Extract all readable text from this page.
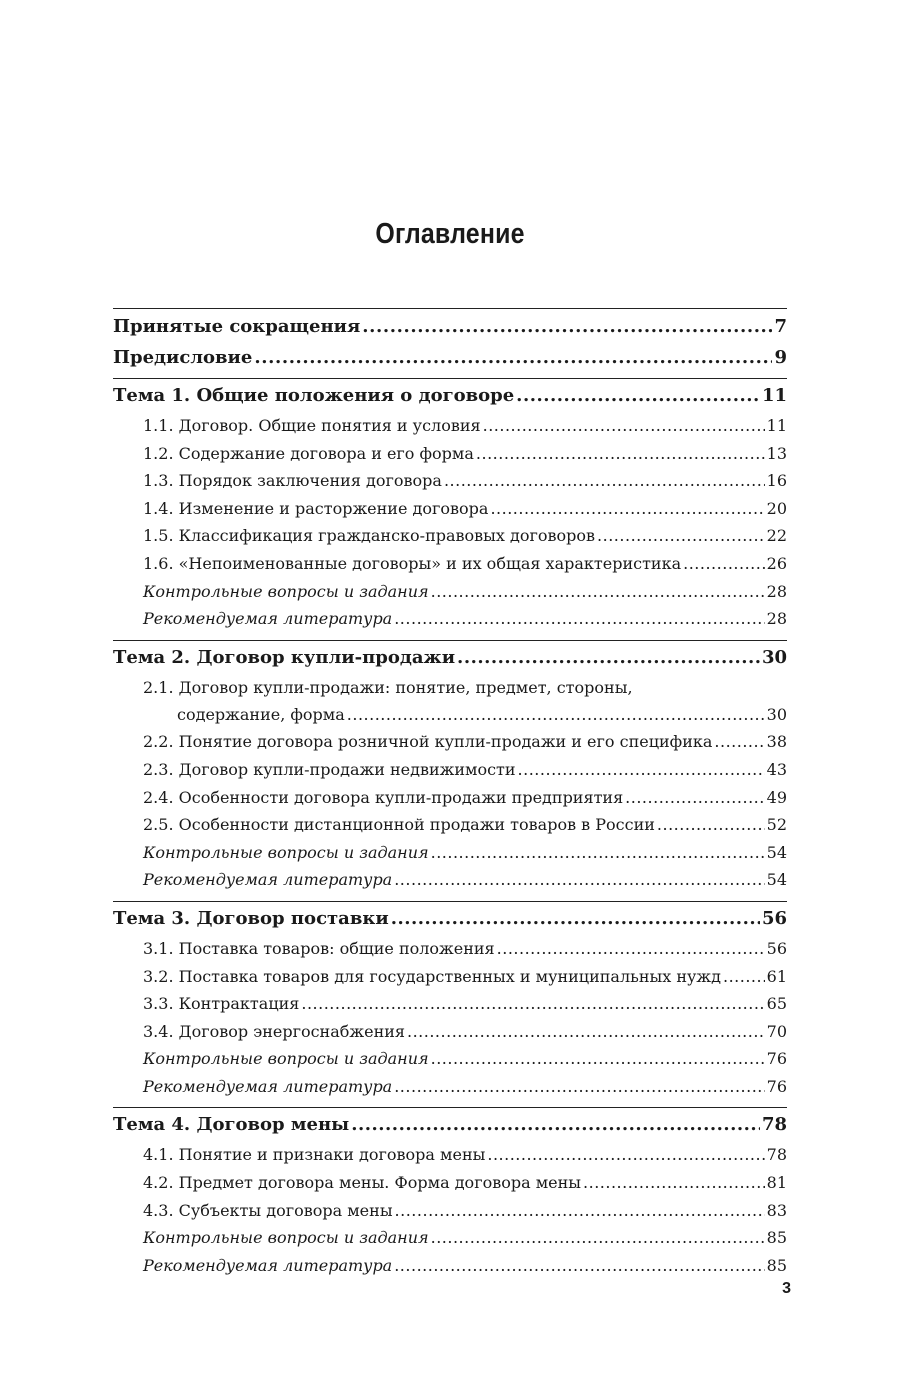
Оглавление
Принятые сокращения .....	7
Предисловие .....	9
Тема 1. Общие положения о договоре .....	11
1.1. Договор. Общие понятия и условия .....	11
1.2. Содержание договора и его форма .....	13
1.3. Порядок заключения договора .....	16
1.4. Изменение и расторжение договора .....	20
1.5. Классификация гражданско-правовых договоров .....	22
1.6. «Непоименованные договоры» и их общая характеристика .....	26
Контрольные вопросы и задания .....	28
Рекомендуемая литература .....	28
Тема 2. Договор купли-продажи .....	30
2.1. Договор купли-продажи: понятие, предмет, стороны,
содержание, форма .....	30
2.2. Понятие договора розничной купли-продажи и его специфика .....	38
2.3. Договор купли-продажи недвижимости .....	43
2.4. Особенности договора купли-продажи предприятия .....	49
2.5. Особенности дистанционной продажи товаров в России .....	52
Контрольные вопросы и задания .....	54
Рекомендуемая литература .....	54
Тема 3. Договор поставки .....	56
3.1. Поставка товаров: общие положения .....	56
3.2. Поставка товаров для государственных и муниципальных нужд .....	61
3.3. Контрактация .....	65
3.4. Договор энергоснабжения .....	70
Контрольные вопросы и задания .....	76
Рекомендуемая литература .....	76
Тема 4. Договор мены .....	78
4.1. Понятие и признаки договора мены .....	78
4.2. Предмет договора мены. Форма договора мены .....	81
4.3. Субъекты договора мены .....	83
Контрольные вопросы и задания .....	85
Рекомендуемая литература .....	85
3
